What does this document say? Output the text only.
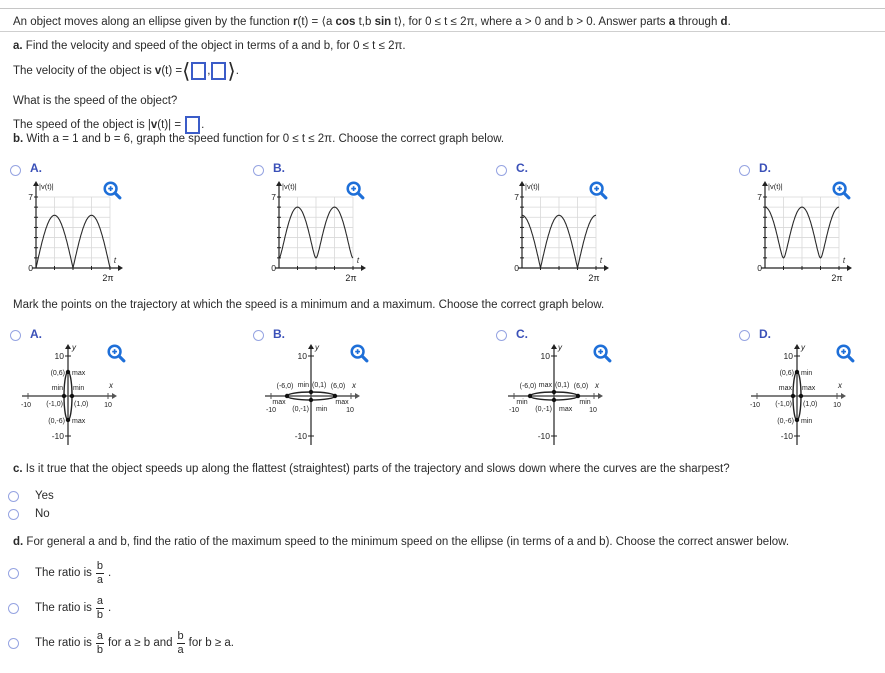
An object moves along an ellipse given by the function r(t) = ⟨a cos t,b sin t⟩, for 0 ≤ t ≤ 2π, where a > 0 and b > 0. Answer parts a through d.
a. Find the velocity and speed of the object in terms of a and b, for 0 ≤ t ≤ 2π.
The velocity of the object is v(t) = ⟨ , ⟩ .
What is the speed of the object?
The speed of the object is |v(t)| = .
b. With a = 1 and b = 6, graph the speed function for 0 ≤ t ≤ 2π. Choose the correct graph below.
A.
7
0
2π
t
|v(t)|
B.
7
0
2π
t
|v(t)|
C.
7
0
2π
t
|v(t)|
D.
7
0
2π
t
|v(t)|
Mark the points on the trajectory at which the speed is a minimum and a maximum. Choose the correct graph below.
A.
10
-10
y
x
(0,6) max
min min
(-1,0) (1,0)
(0,-6) max
-10	10
B.
10
-10
y
x
(-6,0)
max
min (0,1) (6,0)
max
(0,-1) min
-10	10
C.
10
-10
y
x
(-6,0)
min
max (0,1) (6,0)
min
(0,-1) max
-10	10
D.
10
-10
y
x
(0,6) min
max max
(-1,0) (1,0)
(0,-6) min
-10	10
c. Is it true that the object speeds up along the flattest (straightest) parts of the trajectory and slows down where the curves are the sharpest?
Yes
No
d. For general a and b, find the ratio of the maximum speed to the minimum speed on the ellipse (in terms of a and b). Choose the correct answer below.
The ratio is $\frac{b}{a}$ .
The ratio is $\frac{a}{b}$ .
The ratio is $\frac{a}{b}$ for a ≥ b and $\frac{b}{a}$ for b ≥ a.
